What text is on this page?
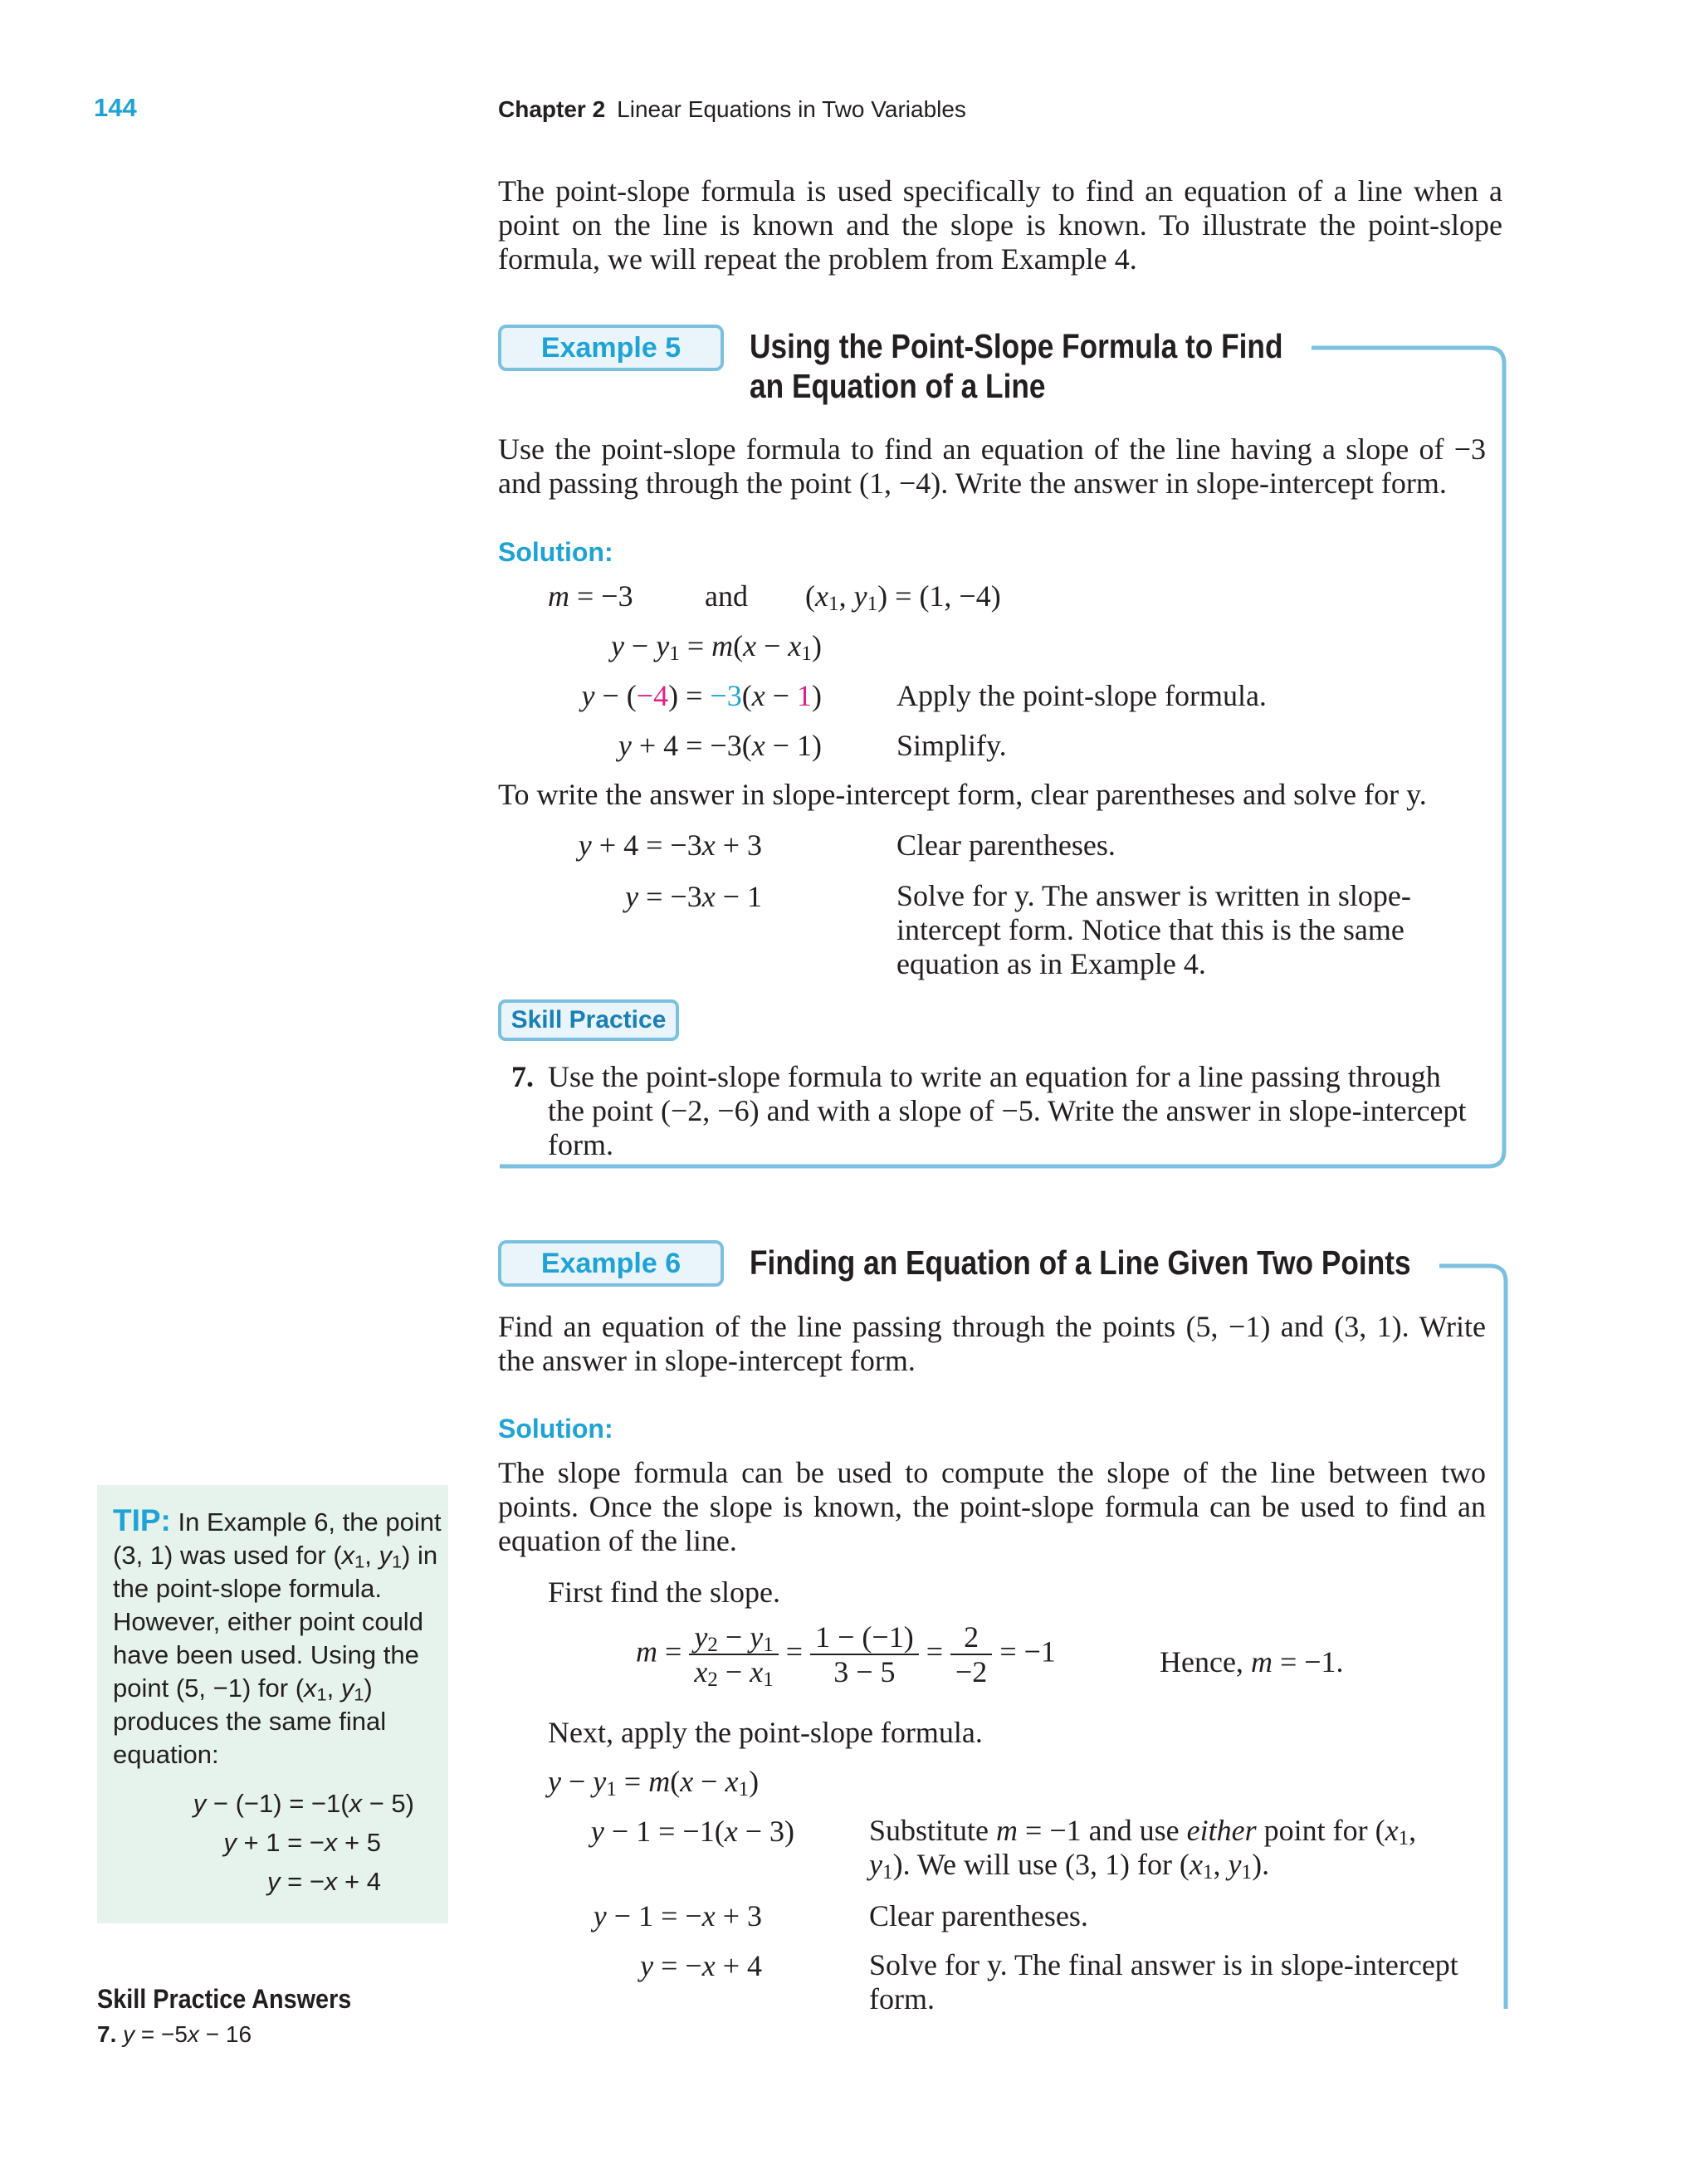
144	Chapter 2 Linear Equations in Two Variables
The point-slope formula is used specifically to find an equation of a line when a point on the line is known and the slope is known. To illustrate the point-slope formula, we will repeat the problem from Example 4.
Example 5	Using the Point-Slope Formula to Find
an Equation of a Line
Use the point-slope formula to find an equation of the line having a slope of −3 and passing through the point (1, −4). Write the answer in slope-intercept form.
Solution:
m = −3 and ($x_1$, $y_1) = (1$, −4)
$y - y_1 = m(x - x_1)$
y − (−4) = −3(x − 1)	Apply the point-slope formula.
y + 4 = −3(x − 1)	Simplify.
To write the answer in slope-intercept form, clear parentheses and solve for y.
y + 4 = −3x + 3	Clear parentheses.
y = −3x − 1	Solve for y. The answer is written in slope-intercept form. Notice that this is the same equation as in Example 4.
Skill Practice
7. Use the point-slope formula to write an equation for a line passing through the point (−2, −6) and with a slope of −5. Write the answer in slope-intercept form.
Example 6	Finding an Equation of a Line Given Two Points
Find an equation of the line passing through the points (5, −1) and (3, 1). Write the answer in slope-intercept form.
Solution:
The slope formula can be used to compute the slope of the line between two points. Once the slope is known, the point-slope formula can be used to find an equation of the line.
First find the slope.
$m = \frac{y_2 - y_1}{x_2 - x_1} = \frac{1 - (-1)}{3 - 5} = \frac{2}{-2} = -1$	Hence, m = −1.
Next, apply the point-slope formula.
$y - y_1 = m(x - x_1)$
y − 1 = −1(x − 3)	Substitute m = −1 and use either point for ($x_1$, $y_1$). We will use (3, 1) for ($x_1$, $y_1$).
y − 1 = −x + 3	Clear parentheses.
y = −x + 4	Solve for y. The final answer is in slope-intercept form.
TIP: In Example 6, the point (3, 1) was used for ($x_1$, $y_1$) in the point-slope formula. However, either point could have been used. Using the point (5, −1) for ($x_1$, $y_1$) produces the same final equation:
y − (−1) = −1(x − 5)
y + 1 = −x + 5
y = −x + 4
Skill Practice Answers
7. y = −5x − 16
